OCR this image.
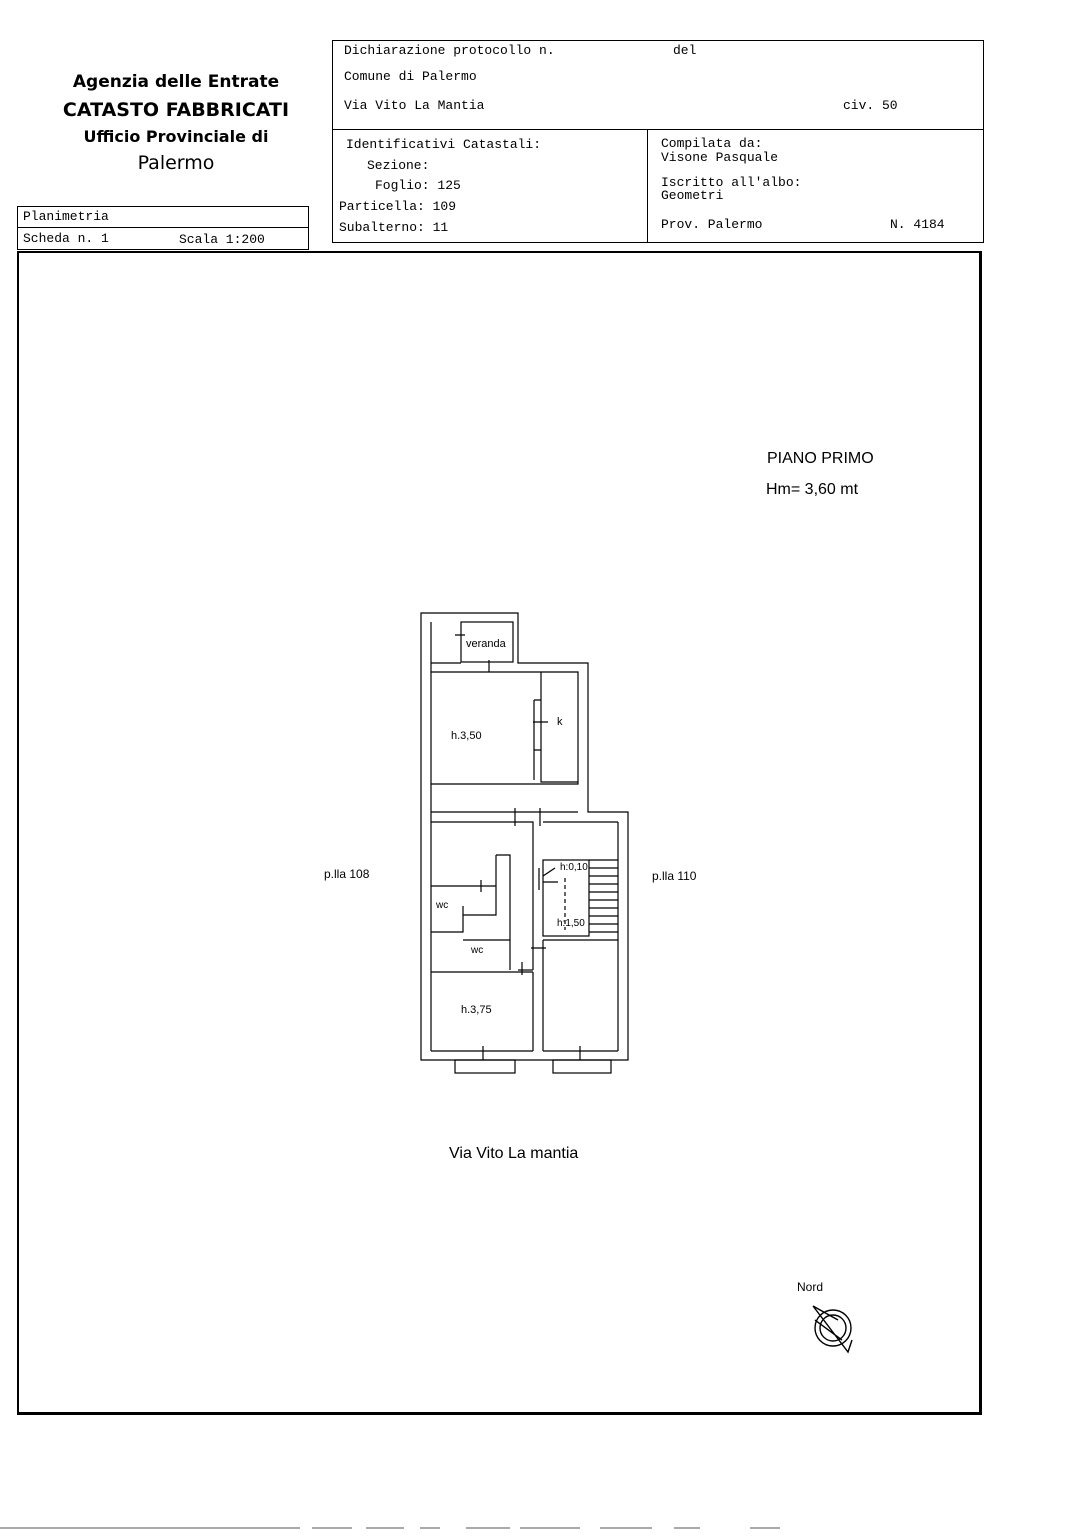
Agenzia delle Entrate
CATASTO FABBRICATI
Ufficio Provinciale di
Palermo
Planimetria
Scheda n. 1	Scala 1:200
Dichiarazione protocollo n.	del
Comune di Palermo
Via Vito La Mantia	civ. 50
Identificativi Catastali:
Sezione:
Foglio: 125
Particella: 109
Subalterno: 11
Compilata da:
Visone Pasquale
Iscritto all'albo:
Geometri
Prov. Palermo	N. 4184
PIANO PRIMO
Hm= 3,60 mt
p.lla 108	p.lla 110
Via Vito La mantia
Nord
veranda
k
h.3,50
wc
wc
h.3,75
h:0,10
h:1,50
